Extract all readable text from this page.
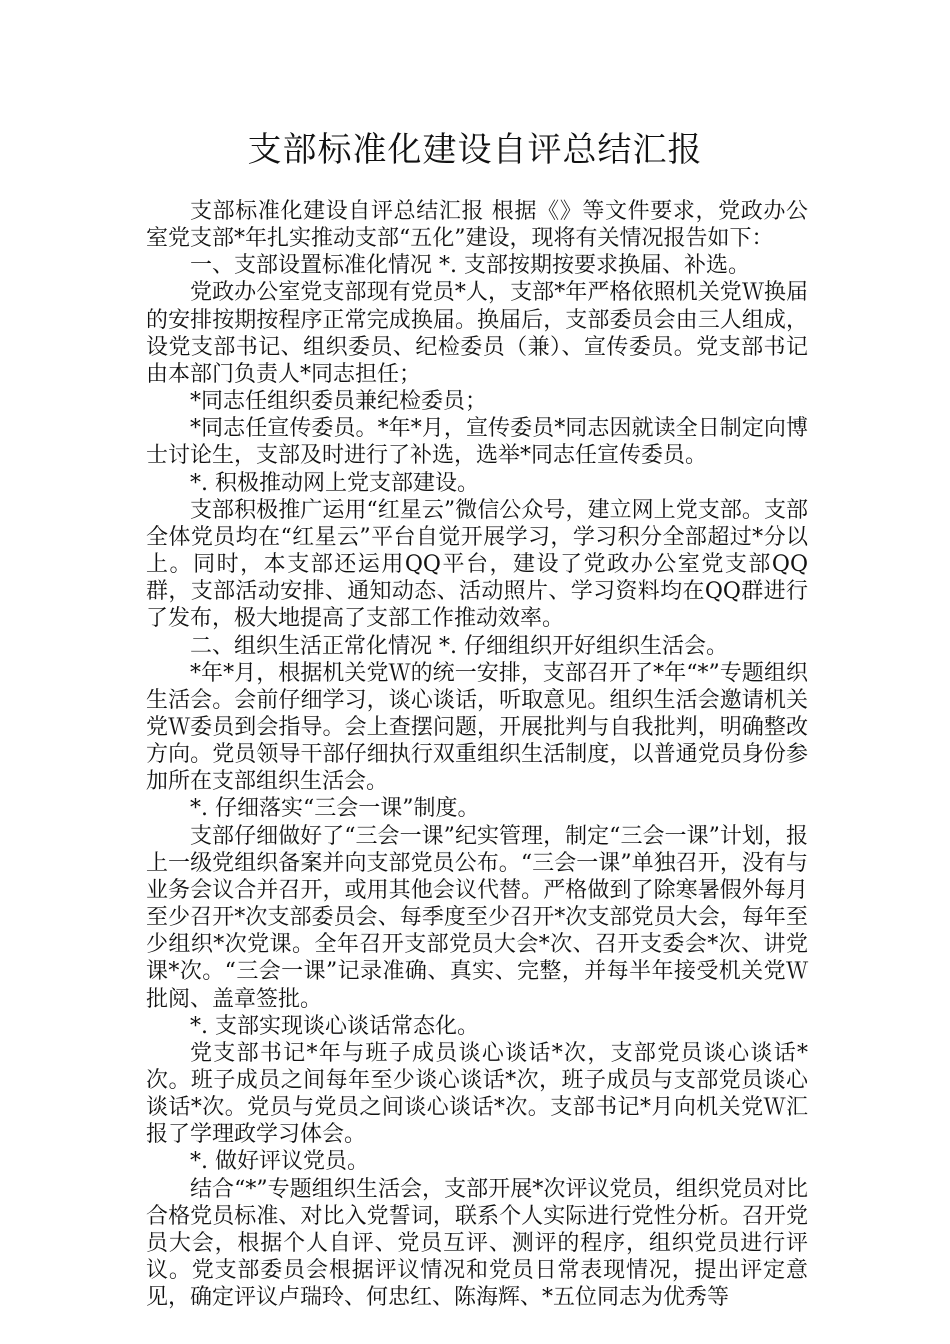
支部标准化建设自评总结汇报

支部标准化建设自评总结汇报 根据《》等文件要求，党政办公室党支部*年扎实推动支部“五化”建设，现将有关情况报告如下：

一、支部设置标准化情况 *. 支部按期按要求换届、补选。

党政办公室党支部现有党员*人，支部*年严格依照机关党Ｗ换届的安排按期按程序正常完成换届。换届后，支部委员会由三人组成，设党支部书记、组织委员、纪检委员（兼）、宣传委员。党支部书记由本部门负责人*同志担任；

*同志任组织委员兼纪检委员；

*同志任宣传委员。*年*月，宣传委员*同志因就读全日制定向博士讨论生，支部及时进行了补选，选举*同志任宣传委员。

*. 积极推动网上党支部建设。

支部积极推广运用“红星云”微信公众号，建立网上党支部。支部全体党员均在“红星云”平台自觉开展学习，学习积分全部超过*分以上。同时，本支部还运用QQ平台，建设了党政办公室党支部QQ群，支部活动安排、通知动态、活动照片、学习资料均在QQ群进行了发布，极大地提高了支部工作推动效率。

二、组织生活正常化情况 *. 仔细组织开好组织生活会。

*年*月，根据机关党Ｗ的统一安排，支部召开了*年“*”专题组织生活会。会前仔细学习，谈心谈话，听取意见。组织生活会邀请机关党Ｗ委员到会指导。会上查摆问题，开展批判与自我批判，明确整改方向。党员领导干部仔细执行双重组织生活制度，以普通党员身份参加所在支部组织生活会。

*. 仔细落实“三会一课”制度。

支部仔细做好了“三会一课”纪实管理，制定“三会一课”计划，报上一级党组织备案并向支部党员公布。“三会一课”单独召开，没有与业务会议合并召开，或用其他会议代替。严格做到了除寒暑假外每月至少召开*次支部委员会、每季度至少召开*次支部党员大会，每年至少组织*次党课。全年召开支部党员大会*次、召开支委会*次、讲党课*次。“三会一课”记录准确、真实、完整，并每半年接受机关党Ｗ批阅、盖章签批。

*. 支部实现谈心谈话常态化。

党支部书记*年与班子成员谈心谈话*次，支部党员谈心谈话*次。班子成员之间每年至少谈心谈话*次，班子成员与支部党员谈心谈话*次。党员与党员之间谈心谈话*次。支部书记*月向机关党Ｗ汇报了学理政学习体会。

*. 做好评议党员。

结合“*”专题组织生活会，支部开展*次评议党员，组织党员对比合格党员标准、对比入党誓词，联系个人实际进行党性分析。召开党员大会，根据个人自评、党员互评、测评的程序，组织党员进行评议。党支部委员会根据评议情况和党员日常表现情况，提出评定意见，确定评议卢瑞玲、何忠红、陈海辉、*五位同志为优秀等
